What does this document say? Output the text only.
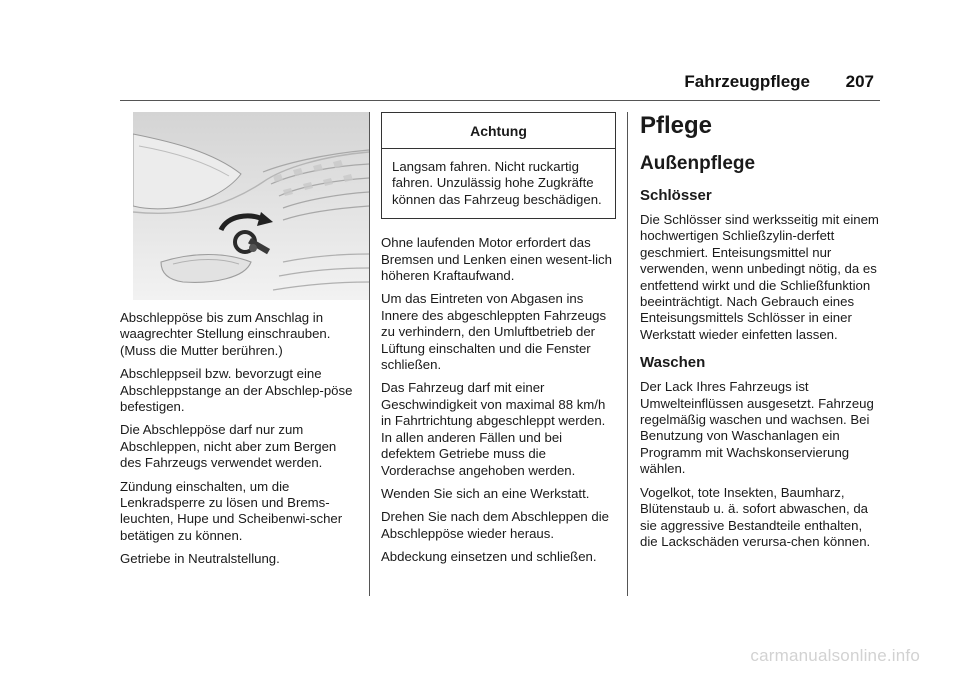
Fahrzeugpflege 207

Abschleppöse bis zum Anschlag in waagrechter Stellung einschrauben. (Muss die Mutter berühren.)

Abschleppseil bzw. bevorzugt eine Abschleppstange an der Abschlep-pöse befestigen.

Die Abschleppöse darf nur zum Abschleppen, nicht aber zum Bergen des Fahrzeugs verwendet werden.

Zündung einschalten, um die Lenkradsperre zu lösen und Brems-leuchten, Hupe und Scheibenwi-scher betätigen zu können.

Getriebe in Neutralstellung.

Achtung

Langsam fahren. Nicht ruckartig fahren. Unzulässig hohe Zugkräfte können das Fahrzeug beschädigen.

Ohne laufenden Motor erfordert das Bremsen und Lenken einen wesent-lich höheren Kraftaufwand.

Um das Eintreten von Abgasen ins Innere des abgeschleppten Fahrzeugs zu verhindern, den Umluftbetrieb der Lüftung einschalten und die Fenster schließen.

Das Fahrzeug darf mit einer Geschwindigkeit von maximal 88 km/h in Fahrtrichtung abgeschleppt werden. In allen anderen Fällen und bei defektem Getriebe muss die Vorderachse angehoben werden.

Wenden Sie sich an eine Werkstatt.

Drehen Sie nach dem Abschleppen die Abschleppöse wieder heraus.

Abdeckung einsetzen und schließen.

Pflege
Außenpflege
Schlösser

Die Schlösser sind werksseitig mit einem hochwertigen Schließzylin-derfett geschmiert. Enteisungsmittel nur verwenden, wenn unbedingt nötig, da es entfettend wirkt und die Schließfunktion beeinträchtigt. Nach Gebrauch eines Enteisungsmittels Schlösser in einer Werkstatt wieder einfetten lassen.

Waschen

Der Lack Ihres Fahrzeugs ist Umwelteinflüssen ausgesetzt. Fahrzeug regelmäßig waschen und wachsen. Bei Benutzung von Waschanlagen ein Programm mit Wachskonservierung wählen.

Vogelkot, tote Insekten, Baumharz, Blütenstaub u. ä. sofort abwaschen, da sie aggressive Bestandteile enthalten, die Lackschäden verursa-chen können.

carmanualsonline.info
